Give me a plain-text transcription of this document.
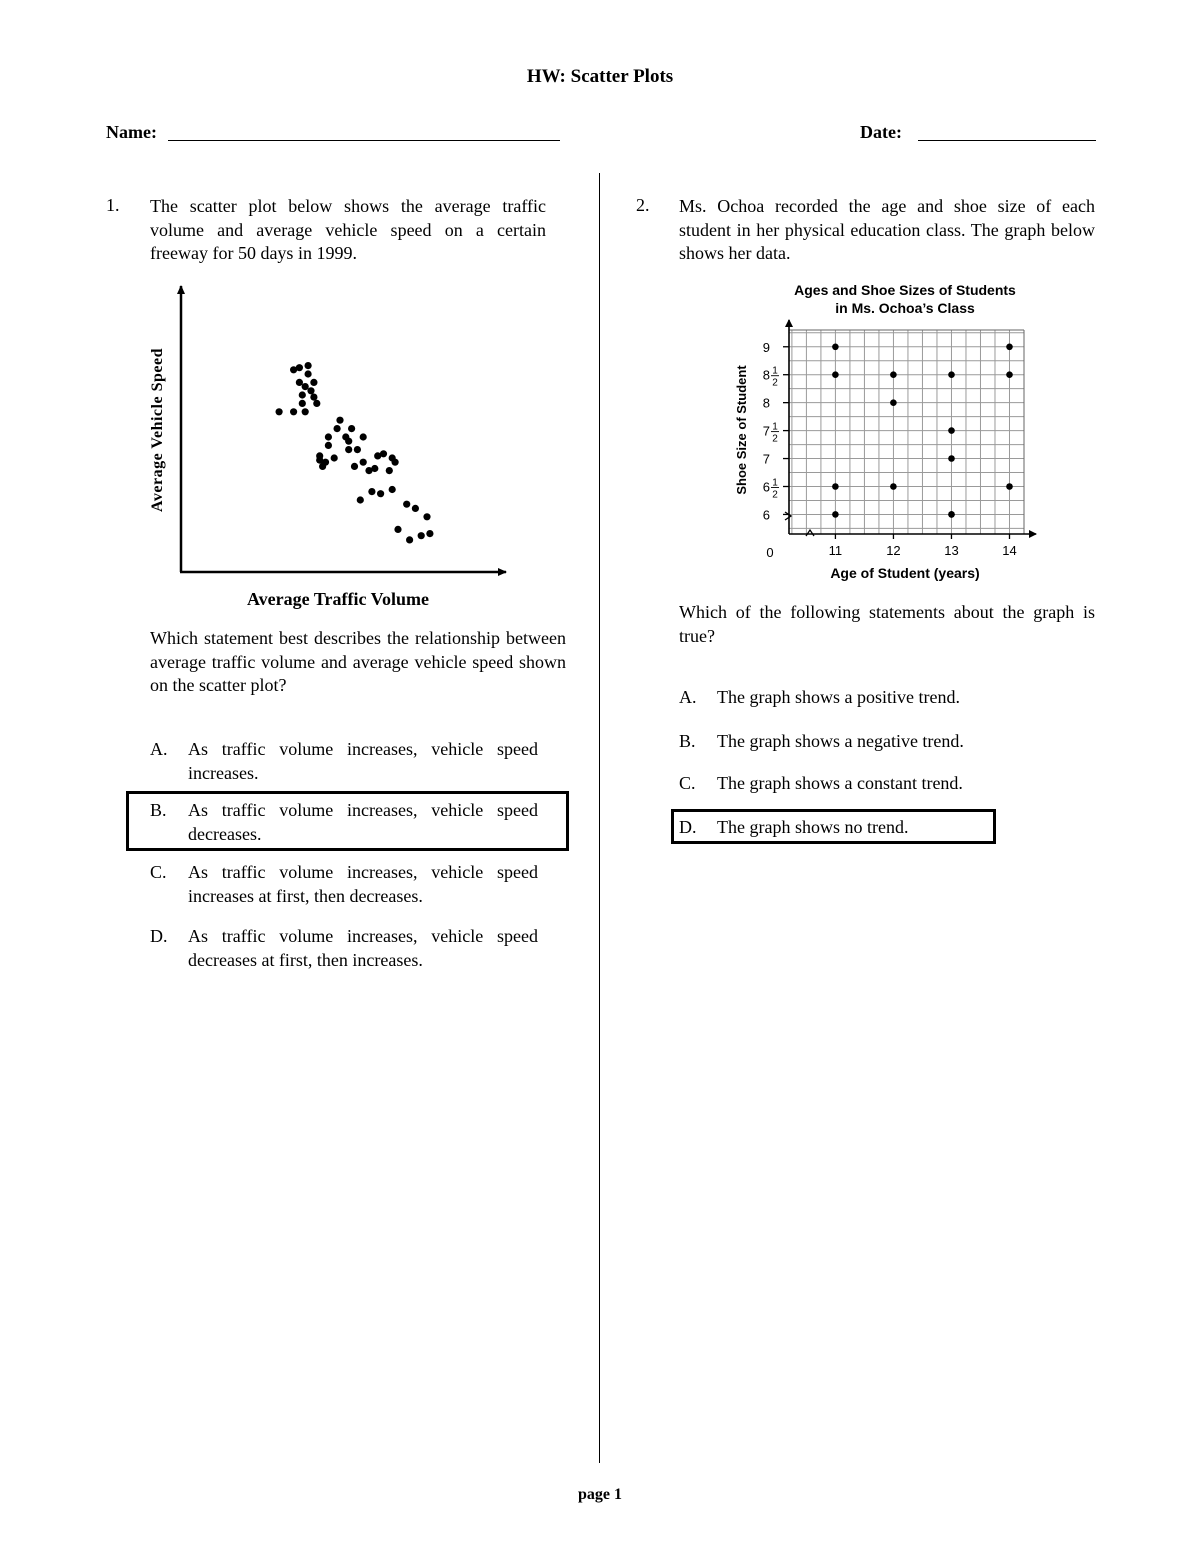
HW: Scatter Plots
Name:	Date:
1. The scatter plot below shows the average traffic volume and average vehicle speed on a certain freeway for 50 days in 1999.
Average Vehicle Speed
Average Traffic Volume
Which statement best describes the relationship between average traffic volume and average vehicle speed shown on the scatter plot?
A.	As traffic volume increases, vehicle speed increases.
B.	As traffic volume increases, vehicle speed decreases.
C.	As traffic volume increases, vehicle speed increases at first, then decreases.
D.	As traffic volume increases, vehicle speed decreases at first, then increases.
2. Ms. Ochoa recorded the age and shoe size of each student in her physical education class. The graph below shows her data.
Ages and Shoe Sizes of Students
in Ms. Ochoa’s Class
11	12	13	14
6
6 1
2
7
7 1
2
8
8 1
2
9
0
Age of Student (years)
Shoe Size of Student
Which of the following statements about the graph is true?
A.	The graph shows a positive trend.
B.	The graph shows a negative trend.
C.	The graph shows a constant trend.
D.	The graph shows no trend.
page 1
